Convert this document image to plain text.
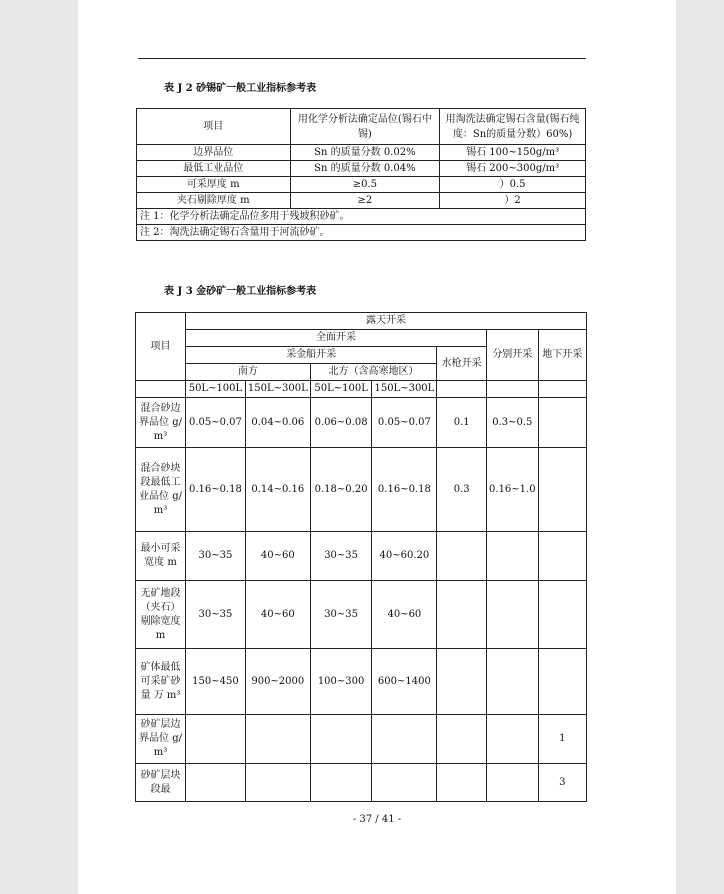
表 J 2 砂锡矿一般工业指标参考表
项目	用化学分析法确定品位(锡石中锡)	用淘洗法确定锡石含量(锡石纯度：Sn的质量分数）60%)
边界品位	Sn 的质量分数 0.02%	锡石 100~150g/m³
最低工业品位	Sn 的质量分数 0.04%	锡石 200~300g/m³
可采厚度 m	≥0.5	）0.5
夹石剔除厚度 m	≥2	）2
注 1：化学分析法确定品位多用于残坡积砂矿。		
注 2：淘洗法确定锡石含量用于河流砂矿。		
表 J 3 金砂矿一般工业指标参考表
项目	露天开采						
	全面开采					分别开采	地下开采
	采金船开采				水枪开采		
	南方		北方（含高寒地区）				
	50L~100L	150L~300L	50L~100L	150L~300L			
混合砂边界品位 g/m³	0.05~0.07	0.04~0.06	0.06~0.08	0.05~0.07	0.1	0.3~0.5	
混合砂块段最低工业品位 g/m³	0.16~0.18	0.14~0.16	0.18~0.20	0.16~0.18	0.3	0.16~1.0	
最小可采宽度 m	30~35	40~60	30~35	40~60.20			
无矿地段（夹石）剔除宽度 m	30~35	40~60	30~35	40~60			
矿体最低可采矿砂量 万 m³	150~450	900~2000	100~300	600~1400			
砂矿层边界品位 g/m³							1
砂矿层块段最							3
- 37 / 41 -
